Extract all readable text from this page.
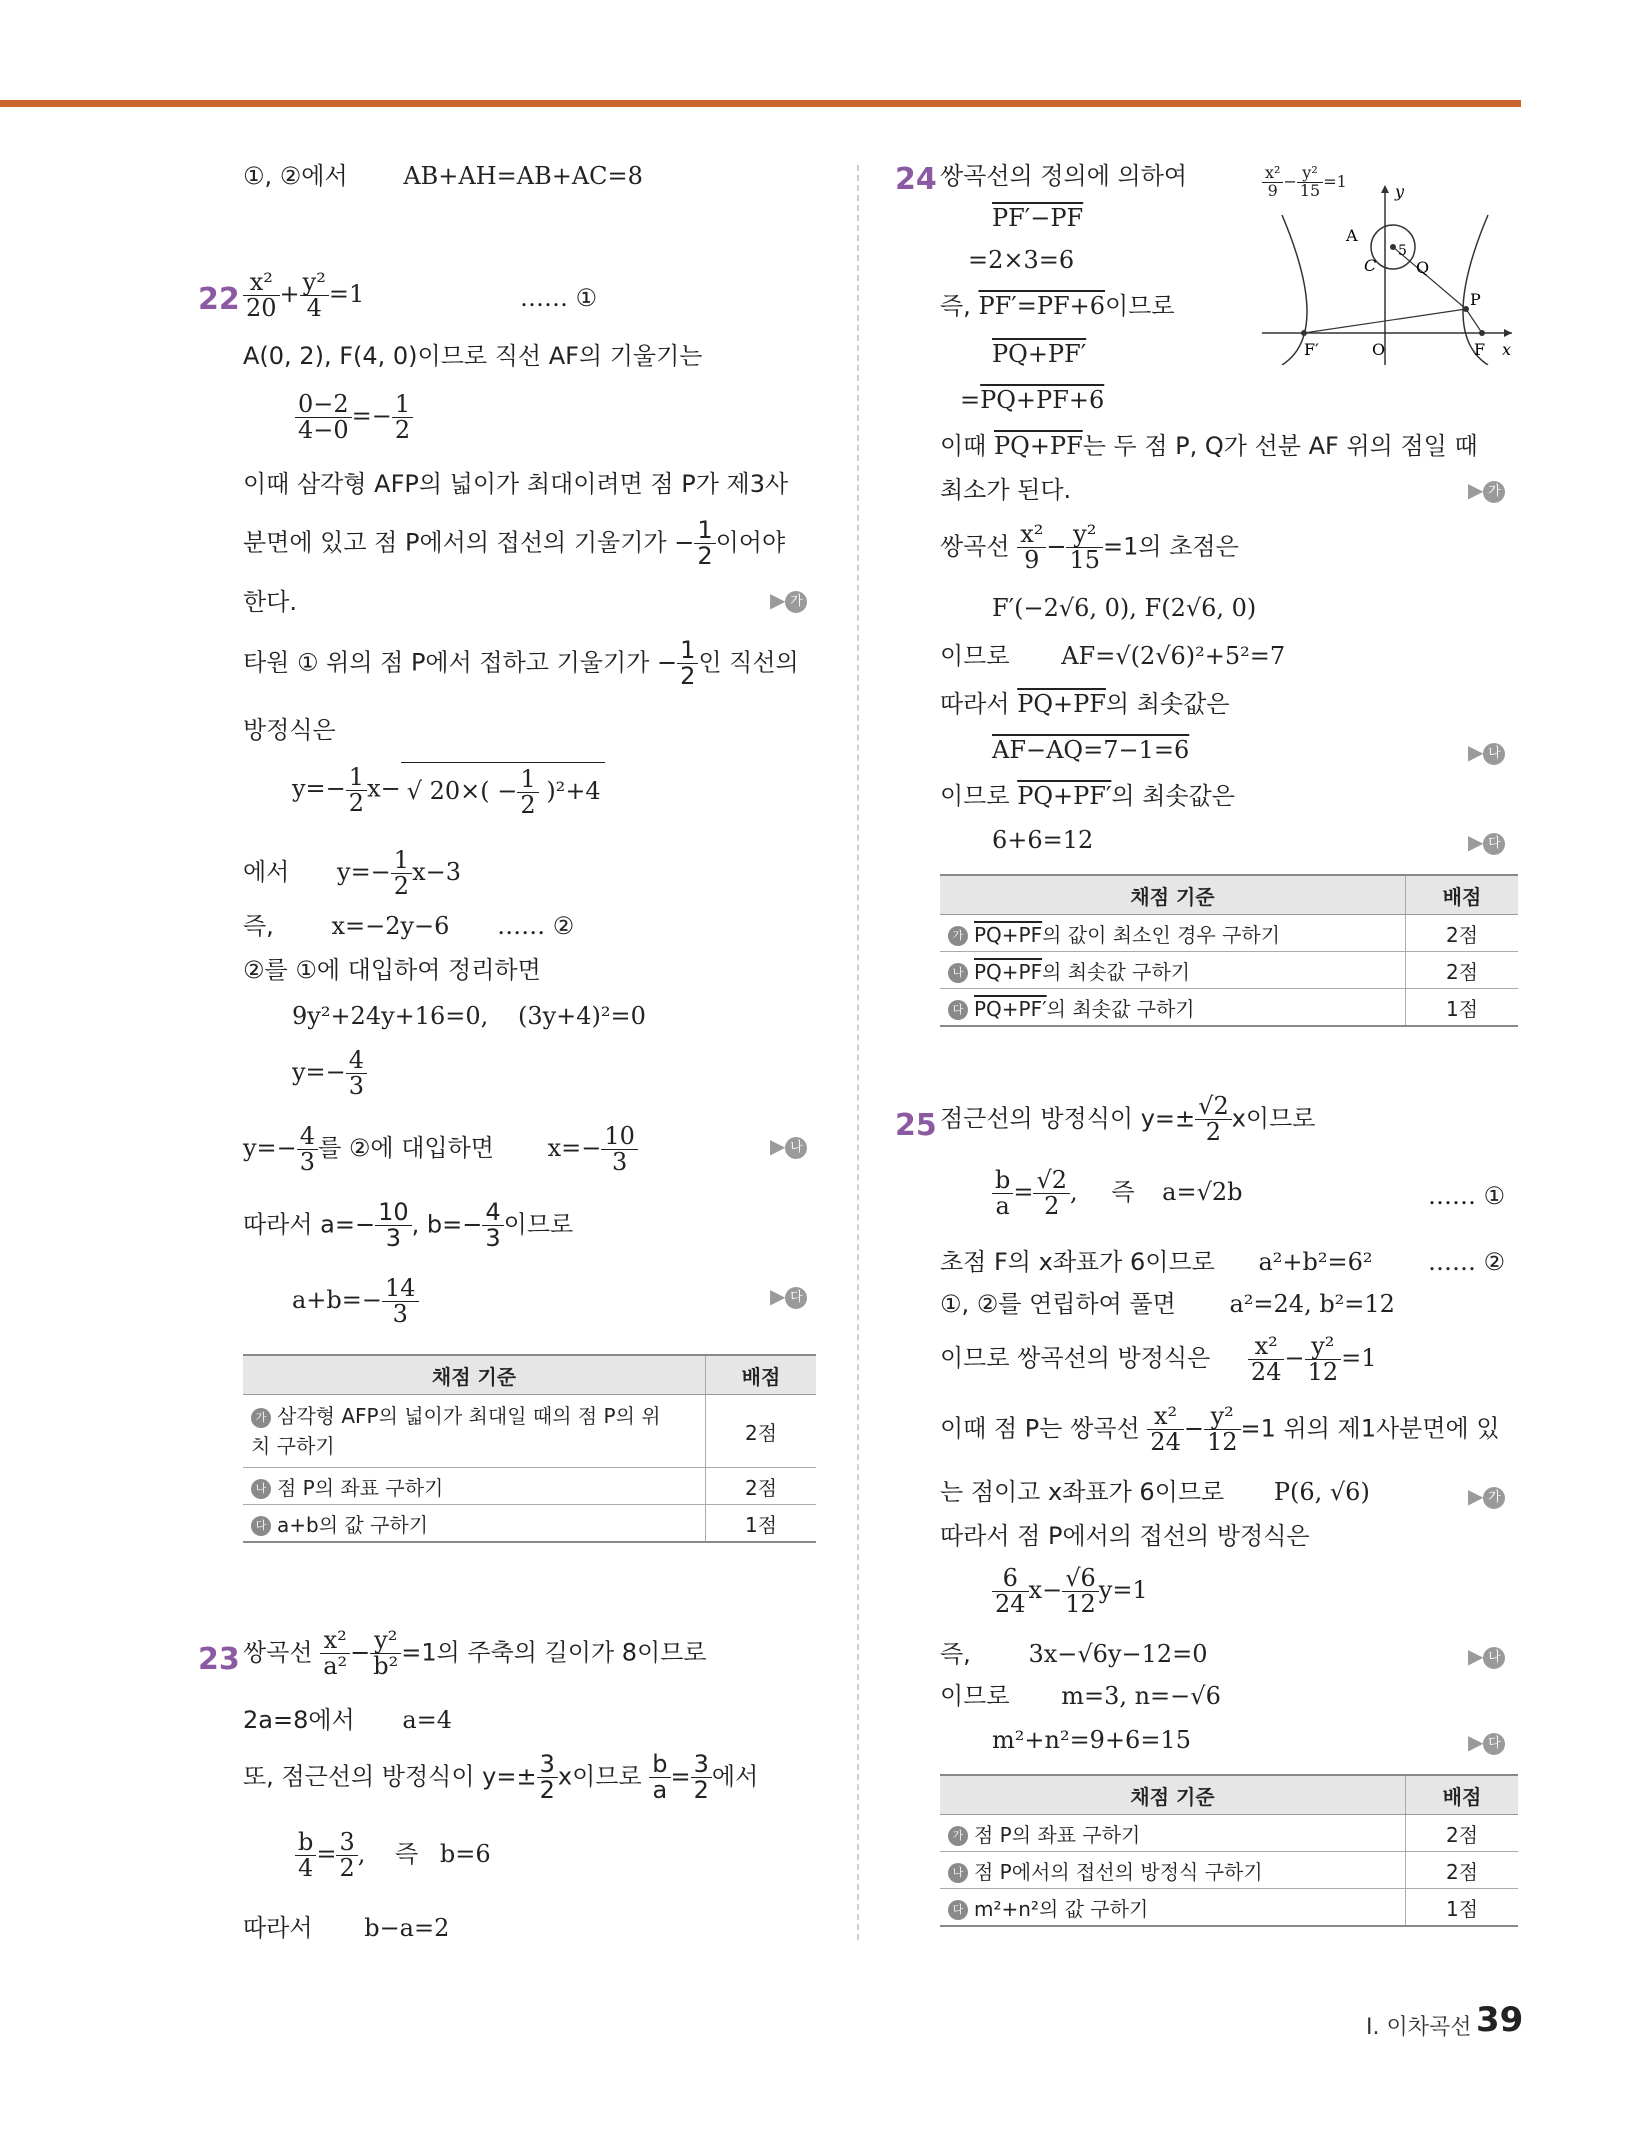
①, ②에서 AB+AH=AB+AC=8
$22 \frac{\text{x²}}{20} + \frac{\text{y²}}{4} =1$	…… ①
A(0, 2), F(4, 0)이므로 직선 AF의 기울기는
$\frac{0-2}{4-0} =- \frac{1}{2}$
이때 삼각형 AFP의 넓이가 최대이려면 점 P가 제3사
분면에 있고 점 P에서의 접선의 기울기가 − $\frac{1}{2}$ 이어야
한다.	▶ 가
타원 ① 위의 점 P에서 접하고 기울기가 − $\frac{1}{2}$ 인 직선의
방정식은
$y=- \frac{1}{2} x-$ √ $20\times( - \frac{1}{2} )^2+4$
에서 $y=- \frac{1}{2} x-3$
즉, x=−2y−6 …… ②
②를 ①에 대입하여 정리하면
9y²+24y+16=0, (3y+4)²=0
$y=- \frac{4}{3}$
$y=- \frac{4}{3}$ 를 ②에 대입하면 $x=- \frac{10}{3}$	▶ 나
따라서 $a=- \frac{10}{3}$ , $b=- \frac{4}{3}$ 이므로
$a+b=- \frac{14}{3}$	▶ 다
채점 기준	배점
가 삼각형 AFP의 넓이가 최대일 때의 점 P의 위
치 구하기	2점
나 점 P의 좌표 구하기	2점
다 a+b의 값 구하기	1점
23 쌍곡선 $\frac{\text{x²}}{\text{a²}} - \frac{\text{y²}}{\text{b²}} =1$의 주축의 길이가 8이므로
2a=8에서 a=4
또, 점근선의 방정식이 $y=\pm \frac{3}{2}$ x이므로 $\frac{b}{a} = \frac{3}{2}$ 에서
$\frac{b}{4} = \frac{3}{2}$ , 즉 b=6
따라서 b−a=2
24 쌍곡선의 정의에 의하여
PF′−PF
=2×3=6
즉, PF′=PF+6이므로
PQ+PF′
=PQ+PF+6
이때 PQ+PF는 두 점 P, Q가 선분 AF 위의 점일 때
최소가 된다.	▶ 가
쌍곡선 $\frac{\text{x²}}{9} - \frac{\text{y²}}{15} =1$의 초점은
F′(−2√6, 0), F(2√6, 0)
이므로 AF=√(2√6)²+5²=7
따라서 PQ+PF의 최솟값은
AF−AQ=7−1=6	▶ 나
이므로 PQ+PF′의 최솟값은
6+6=12	▶ 다
$\frac{\text{x²}}{9} - \frac{\text{y²}}{15} =1$
y
x
A
C
5
Q
P
F′	O	F
채점 기준	배점
가 PQ+PF의 값이 최소인 경우 구하기	2점
나 PQ+PF의 최솟값 구하기	2점
다 PQ+PF′의 최솟값 구하기	1점
25 점근선의 방정식이 $y=\pm \frac{√2}{2}$ x이므로
$\frac{b}{a} = \frac{√2}{2}$ , 즉 a=√2b	…… ①
초점 F의 x좌표가 6이므로 a²+b²=6² …… ②
①, ②를 연립하여 풀면 a²=24, b²=12
이므로 쌍곡선의 방정식은 $\frac{\text{x²}}{24} - \frac{\text{y²}}{12} =1$
이때 점 P는 쌍곡선 $\frac{\text{x²}}{24} - \frac{\text{y²}}{12} =1$ 위의 제1사분면에 있
는 점이고 x좌표가 6이므로 P(6, √6)	▶ 가
따라서 점 P에서의 접선의 방정식은
$\frac{6}{24} x- \frac{√6}{12} y=1$
즉, 3x−√6y−12=0	▶ 나
이므로 m=3, n=−√6
m²+n²=9+6=15	▶ 다
채점 기준	배점
가 점 P의 좌표 구하기	2점
나 점 P에서의 접선의 방정식 구하기	2점
다 m²+n²의 값 구하기	1점
I. 이차곡선 39
